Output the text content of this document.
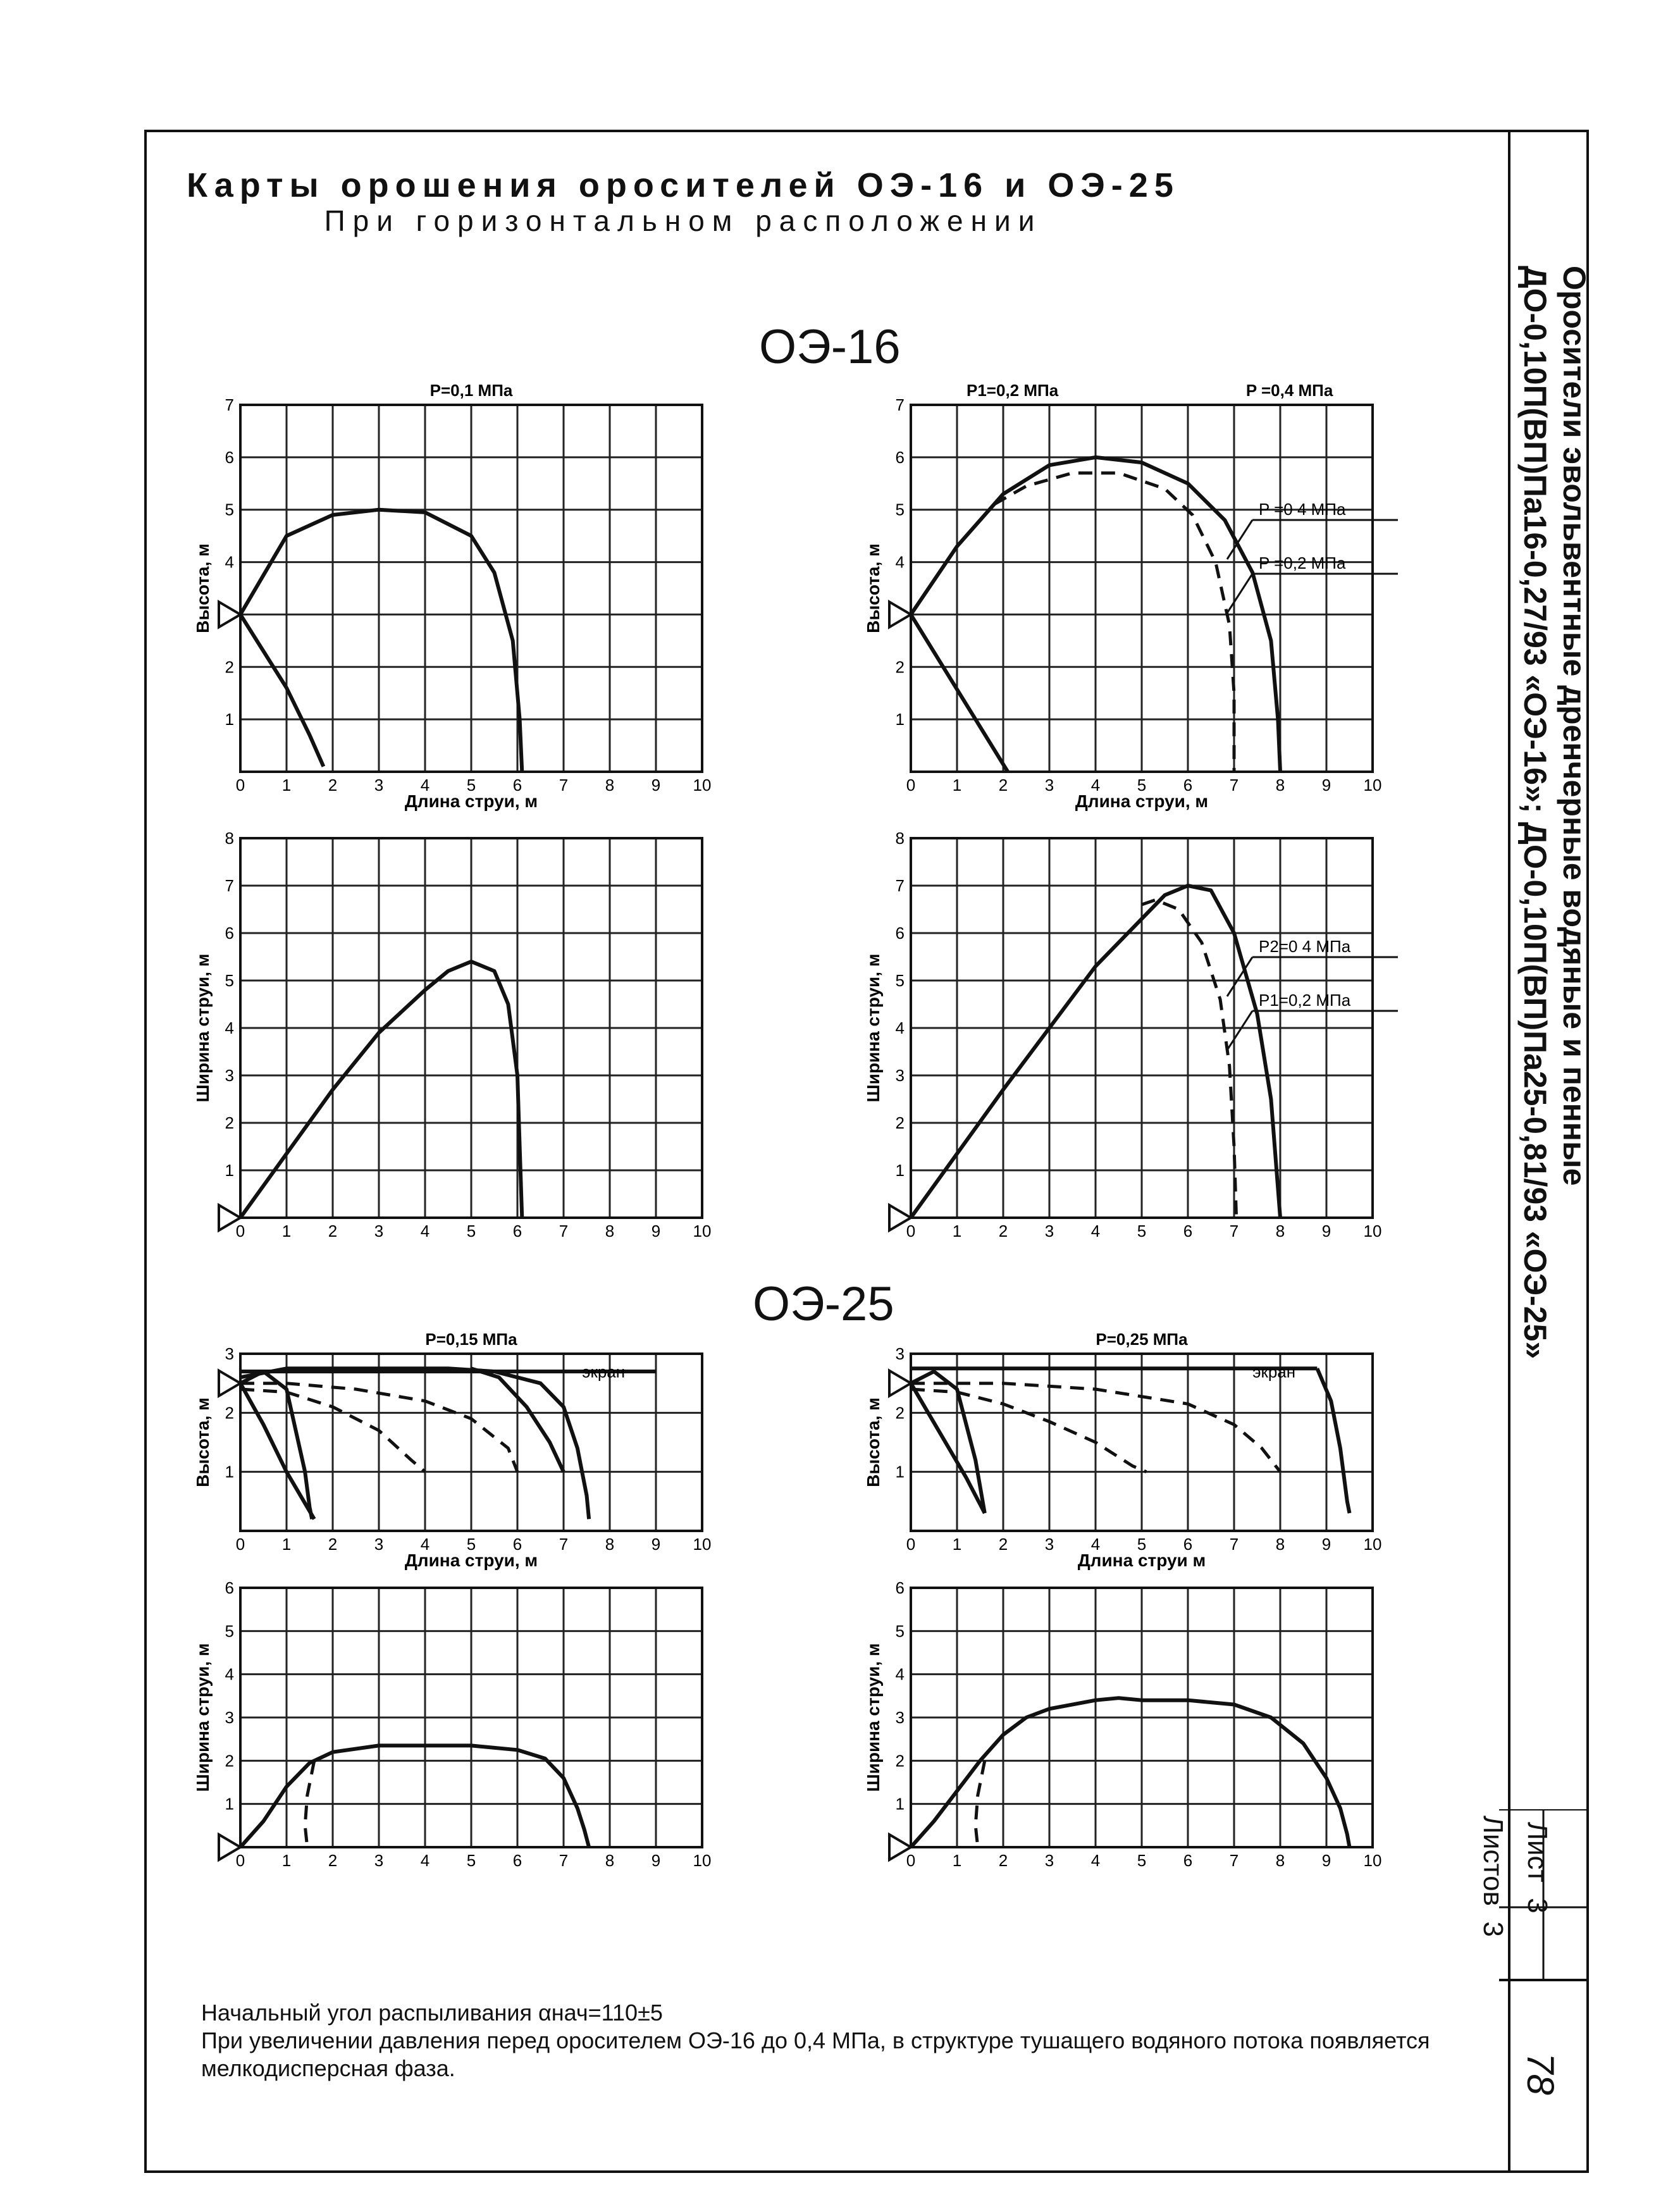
Карты орошения оросителей ОЭ-16 и ОЭ-25
При горизонтальном расположении
ОЭ-16
ОЭ-25
0 1 2 3 4 5 6 7 8 9 10
1
2
4
5
6
7
Длина струи, м
Высота, м
P=0,1 МПа
0 1 2 3 4 5 6 7 8 9 10
1
2
4
5
6
7
Длина струи, м
Высота, м
P1=0,2 МПа	P =0,4 МПа
P =0 4 МПа
P =0,2 МПа
0 1 2 3 4 5 6 7 8 9 10
1
2
3
4
5
6
7
8
Ширина струи, м
0 1 2 3 4 5 6 7 8 9 10
1
2
3
4
5
6
7
8
Ширина струи, м
P2=0 4 МПа
P1=0,2 МПа
0 1 2 3 4 5 6 7 8 9 10
1
2
3
Длина струи, м
Высота, м
P=0,15 МПа
экран
0 1 2 3 4 5 6 7 8 9 10
1
2
3
Длина струи м
Высота, м
P=0,25 МПа
экран
0 1 2 3 4 5 6 7 8 9 10
1
2
3
4
5
6
Ширина струи, м
0 1 2 3 4 5 6 7 8 9 10
1
2
3
4
5
6
Ширина струи, м
Оросители эвольвентные дренчерные водяные и пенные
ДО-0,10П(ВП)Па16-0,27/93 «ОЭ-16»; ДО-0,10П(ВП)Па25-0,81/93 «ОЭ-25»
Лист  3
Листов  3
78
Начальный угол распыливания αнач=110±5
При увеличении давления перед оросителем ОЭ-16 до 0,4 МПа, в структуре тушащего водяного потока появляется мелкодисперсная фаза.
